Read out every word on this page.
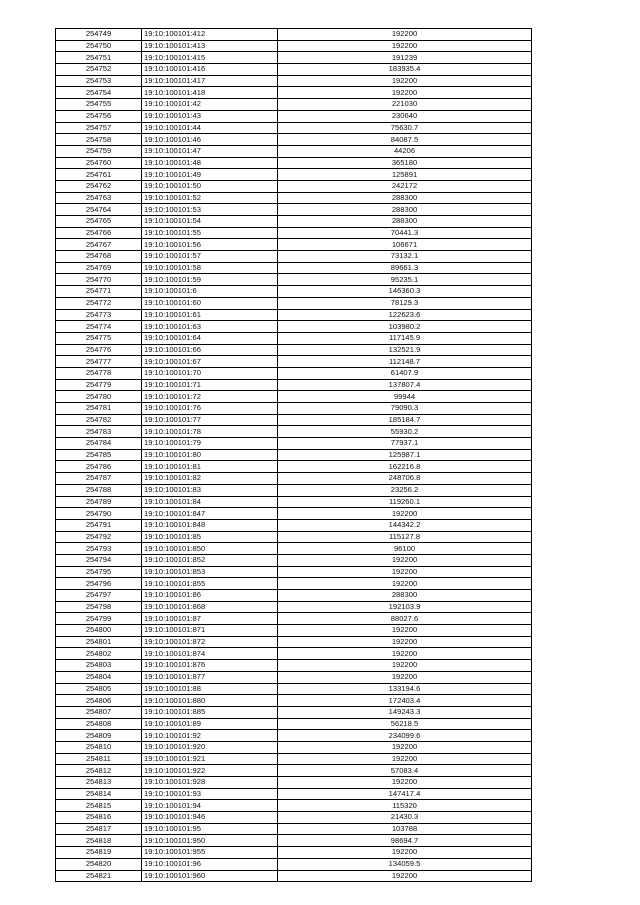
254749	19:10:100101:412	192200
254750	19:10:100101:413	192200
254751	19:10:100101:415	191239
254752	19:10:100101:416	183935.4
254753	19:10:100101:417	192200
254754	19:10:100101:418	192200
254755	19:10:100101:42	221030
254756	19:10:100101:43	230640
254757	19:10:100101:44	75630.7
254758	19:10:100101:46	84087.5
254759	19:10:100101:47	44206
254760	19:10:100101:48	365180
254761	19:10:100101:49	125891
254762	19:10:100101:50	242172
254763	19:10:100101:52	288300
254764	19:10:100101:53	288300
254765	19:10:100101:54	288300
254766	19:10:100101:55	70441.3
254767	19:10:100101:56	106671
254768	19:10:100101:57	73132.1
254769	19:10:100101:58	89661.3
254770	19:10:100101:59	95235.1
254771	19:10:100101:6	146360.3
254772	19:10:100101:60	78129.3
254773	19:10:100101:61	122623.6
254774	19:10:100101:63	103980.2
254775	19:10:100101:64	117145.9
254776	19:10:100101:66	132521.9
254777	19:10:100101:67	112148.7
254778	19:10:100101:70	61407.9
254779	19:10:100101:71	137807.4
254780	19:10:100101:72	99944
254781	19:10:100101:76	79090.3
254782	19:10:100101:77	185184.7
254783	19:10:100101:78	55930.2
254784	19:10:100101:79	77937.1
254785	19:10:100101:80	125987.1
254786	19:10:100101:81	162216.8
254787	19:10:100101:82	248706.8
254788	19:10:100101:83	23256.2
254789	19:10:100101:84	119260.1
254790	19:10:100101:847	192200
254791	19:10:100101:848	144342.2
254792	19:10:100101:85	115127.8
254793	19:10:100101:850	96100
254794	19:10:100101:852	192200
254795	19:10:100101:853	192200
254796	19:10:100101:855	192200
254797	19:10:100101:86	288300
254798	19:10:100101:868	192103.9
254799	19:10:100101:87	88027.6
254800	19:10:100101:871	192200
254801	19:10:100101:872	192200
254802	19:10:100101:874	192200
254803	19:10:100101:876	192200
254804	19:10:100101:877	192200
254805	19:10:100101:88	133194.6
254806	19:10:100101:880	172403.4
254807	19:10:100101:885	149243.3
254808	19:10:100101:89	56218.5
254809	19:10:100101:92	234099.6
254810	19:10:100101:920	192200
254811	19:10:100101:921	192200
254812	19:10:100101:922	57083.4
254813	19:10:100101:928	192200
254814	19:10:100101:93	147417.4
254815	19:10:100101:94	115320
254816	19:10:100101:946	21430.3
254817	19:10:100101:95	103788
254818	19:10:100101:950	98694.7
254819	19:10:100101:955	192200
254820	19:10:100101:96	134059.5
254821	19:10:100101:960	192200
